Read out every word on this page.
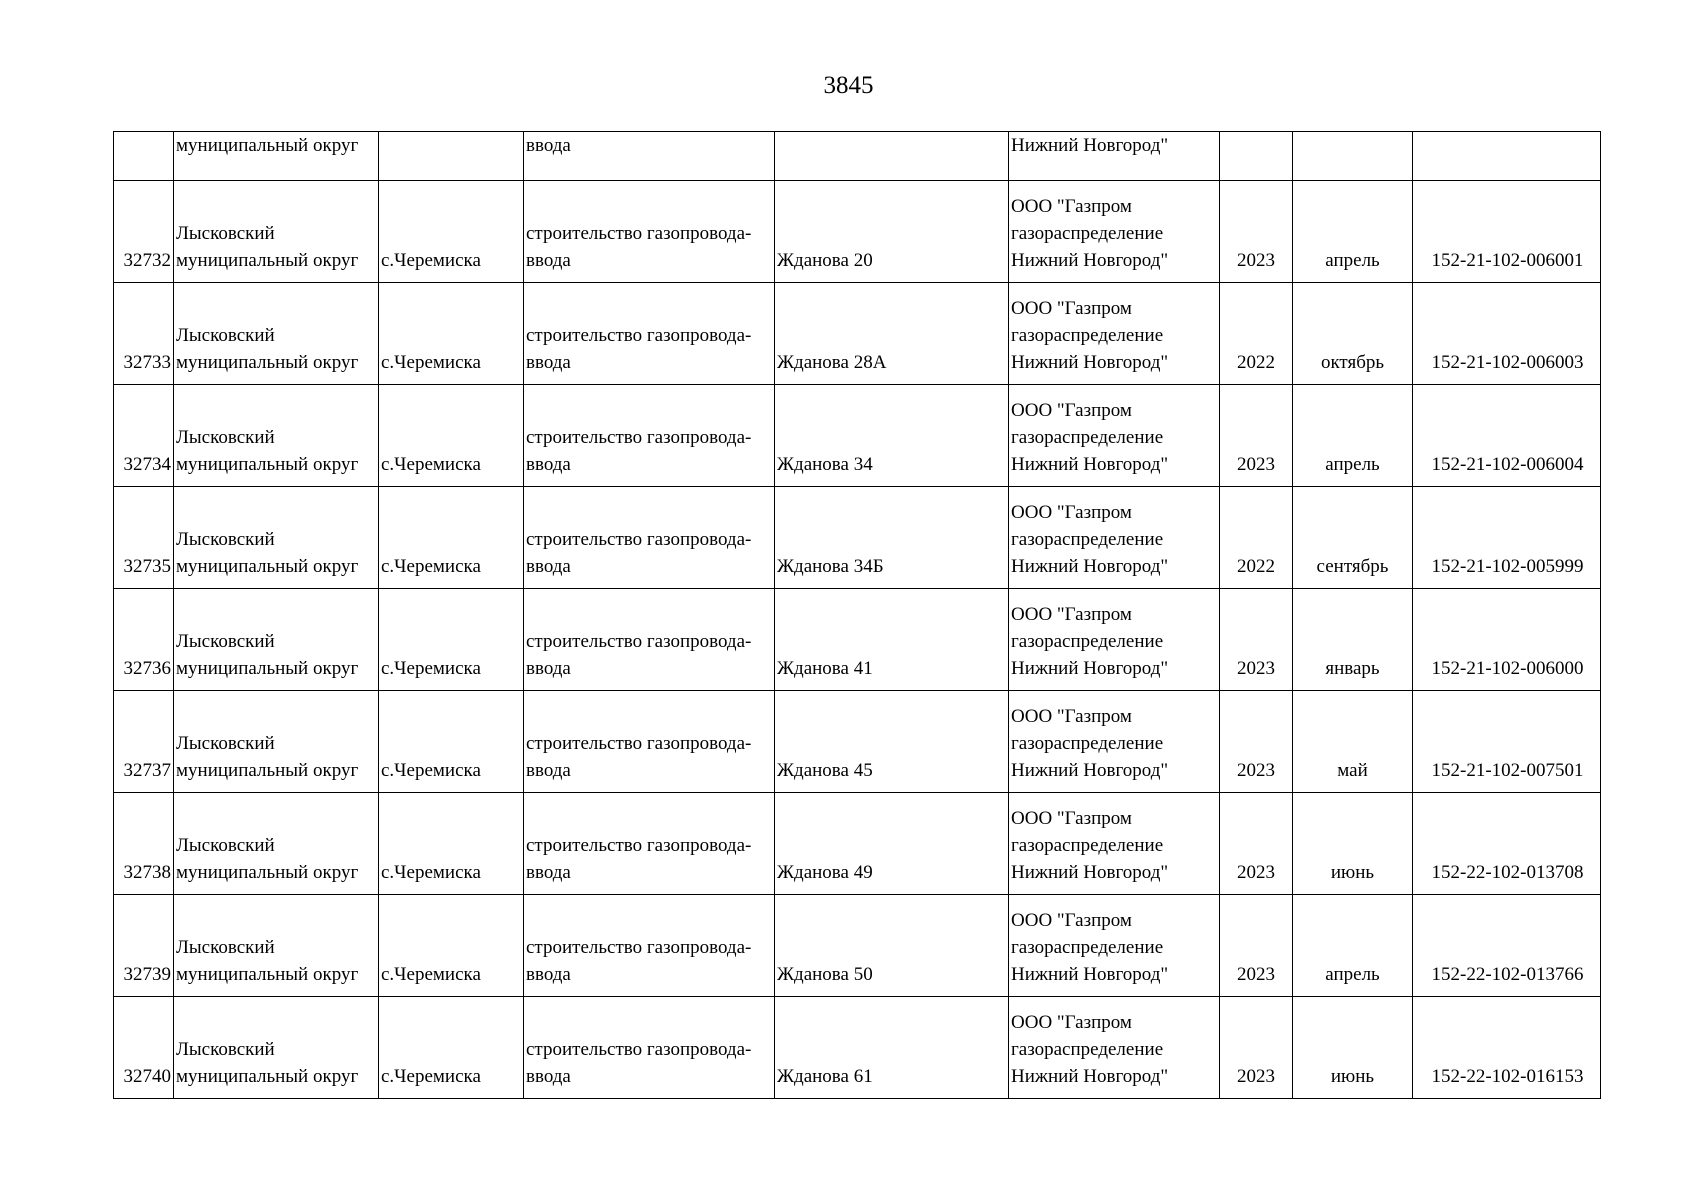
3845
	муниципальный округ		ввода		Нижний Новгород"			
32732	Лысковский
муниципальный округ	с.Черемиска	строительство газопровода-
ввода	Жданова 20	ООО "Газпром
газораспределение
Нижний Новгород"	2023	апрель	152-21-102-006001
32733	Лысковский
муниципальный округ	с.Черемиска	строительство газопровода-
ввода	Жданова 28А	ООО "Газпром
газораспределение
Нижний Новгород"	2022	октябрь	152-21-102-006003
32734	Лысковский
муниципальный округ	с.Черемиска	строительство газопровода-
ввода	Жданова 34	ООО "Газпром
газораспределение
Нижний Новгород"	2023	апрель	152-21-102-006004
32735	Лысковский
муниципальный округ	с.Черемиска	строительство газопровода-
ввода	Жданова 34Б	ООО "Газпром
газораспределение
Нижний Новгород"	2022	сентябрь	152-21-102-005999
32736	Лысковский
муниципальный округ	с.Черемиска	строительство газопровода-
ввода	Жданова 41	ООО "Газпром
газораспределение
Нижний Новгород"	2023	январь	152-21-102-006000
32737	Лысковский
муниципальный округ	с.Черемиска	строительство газопровода-
ввода	Жданова 45	ООО "Газпром
газораспределение
Нижний Новгород"	2023	май	152-21-102-007501
32738	Лысковский
муниципальный округ	с.Черемиска	строительство газопровода-
ввода	Жданова 49	ООО "Газпром
газораспределение
Нижний Новгород"	2023	июнь	152-22-102-013708
32739	Лысковский
муниципальный округ	с.Черемиска	строительство газопровода-
ввода	Жданова 50	ООО "Газпром
газораспределение
Нижний Новгород"	2023	апрель	152-22-102-013766
32740	Лысковский
муниципальный округ	с.Черемиска	строительство газопровода-
ввода	Жданова 61	ООО "Газпром
газораспределение
Нижний Новгород"	2023	июнь	152-22-102-016153
